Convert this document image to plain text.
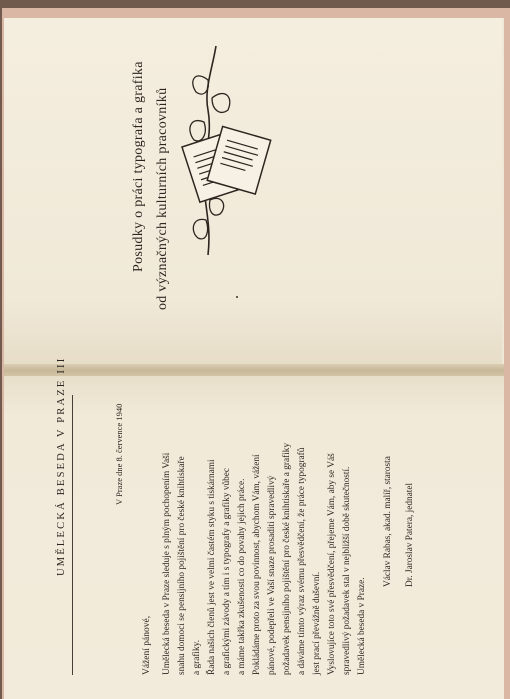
Posudky o práci typografa a grafika od význačných kulturních pracovníků
UMĚLECKÁ BESEDA V PRAZE III	V Praze dne 8. července 1940
Vážení pánové, Umělecká beseda v Praze sleduje s plným pochopením Vaši snahu domoci se pensijního pojištění pro české knihtiskaře a grafiky. Řada našich členů jest ve velmi častém styku s tiskárnami a grafickými závody a tím i s typografy a grafiky vůbec a máme takřka zkušenosti co do povahy jejich práce. Pokládáme proto za svou povinnost, abychom Vám, vážení pánové, podepřeli ve Vaší snaze prosaditi spravedlivý požadavek pensijního pojištění pro české knihtiskaře a grafiky a dáváme tímto výraz svému přesvědčení, že práce typografů jest prací převážně duševní. Vyslovujíce toto své přesvědčení, přejeme Vám, aby se Váš spravedlivý požadavek stal v nejbližší době skutečností. Umělecká beseda v Praze.
Václav Rabas, akad. malíř, starosta Dr. Jaroslav Patera, jednatel
